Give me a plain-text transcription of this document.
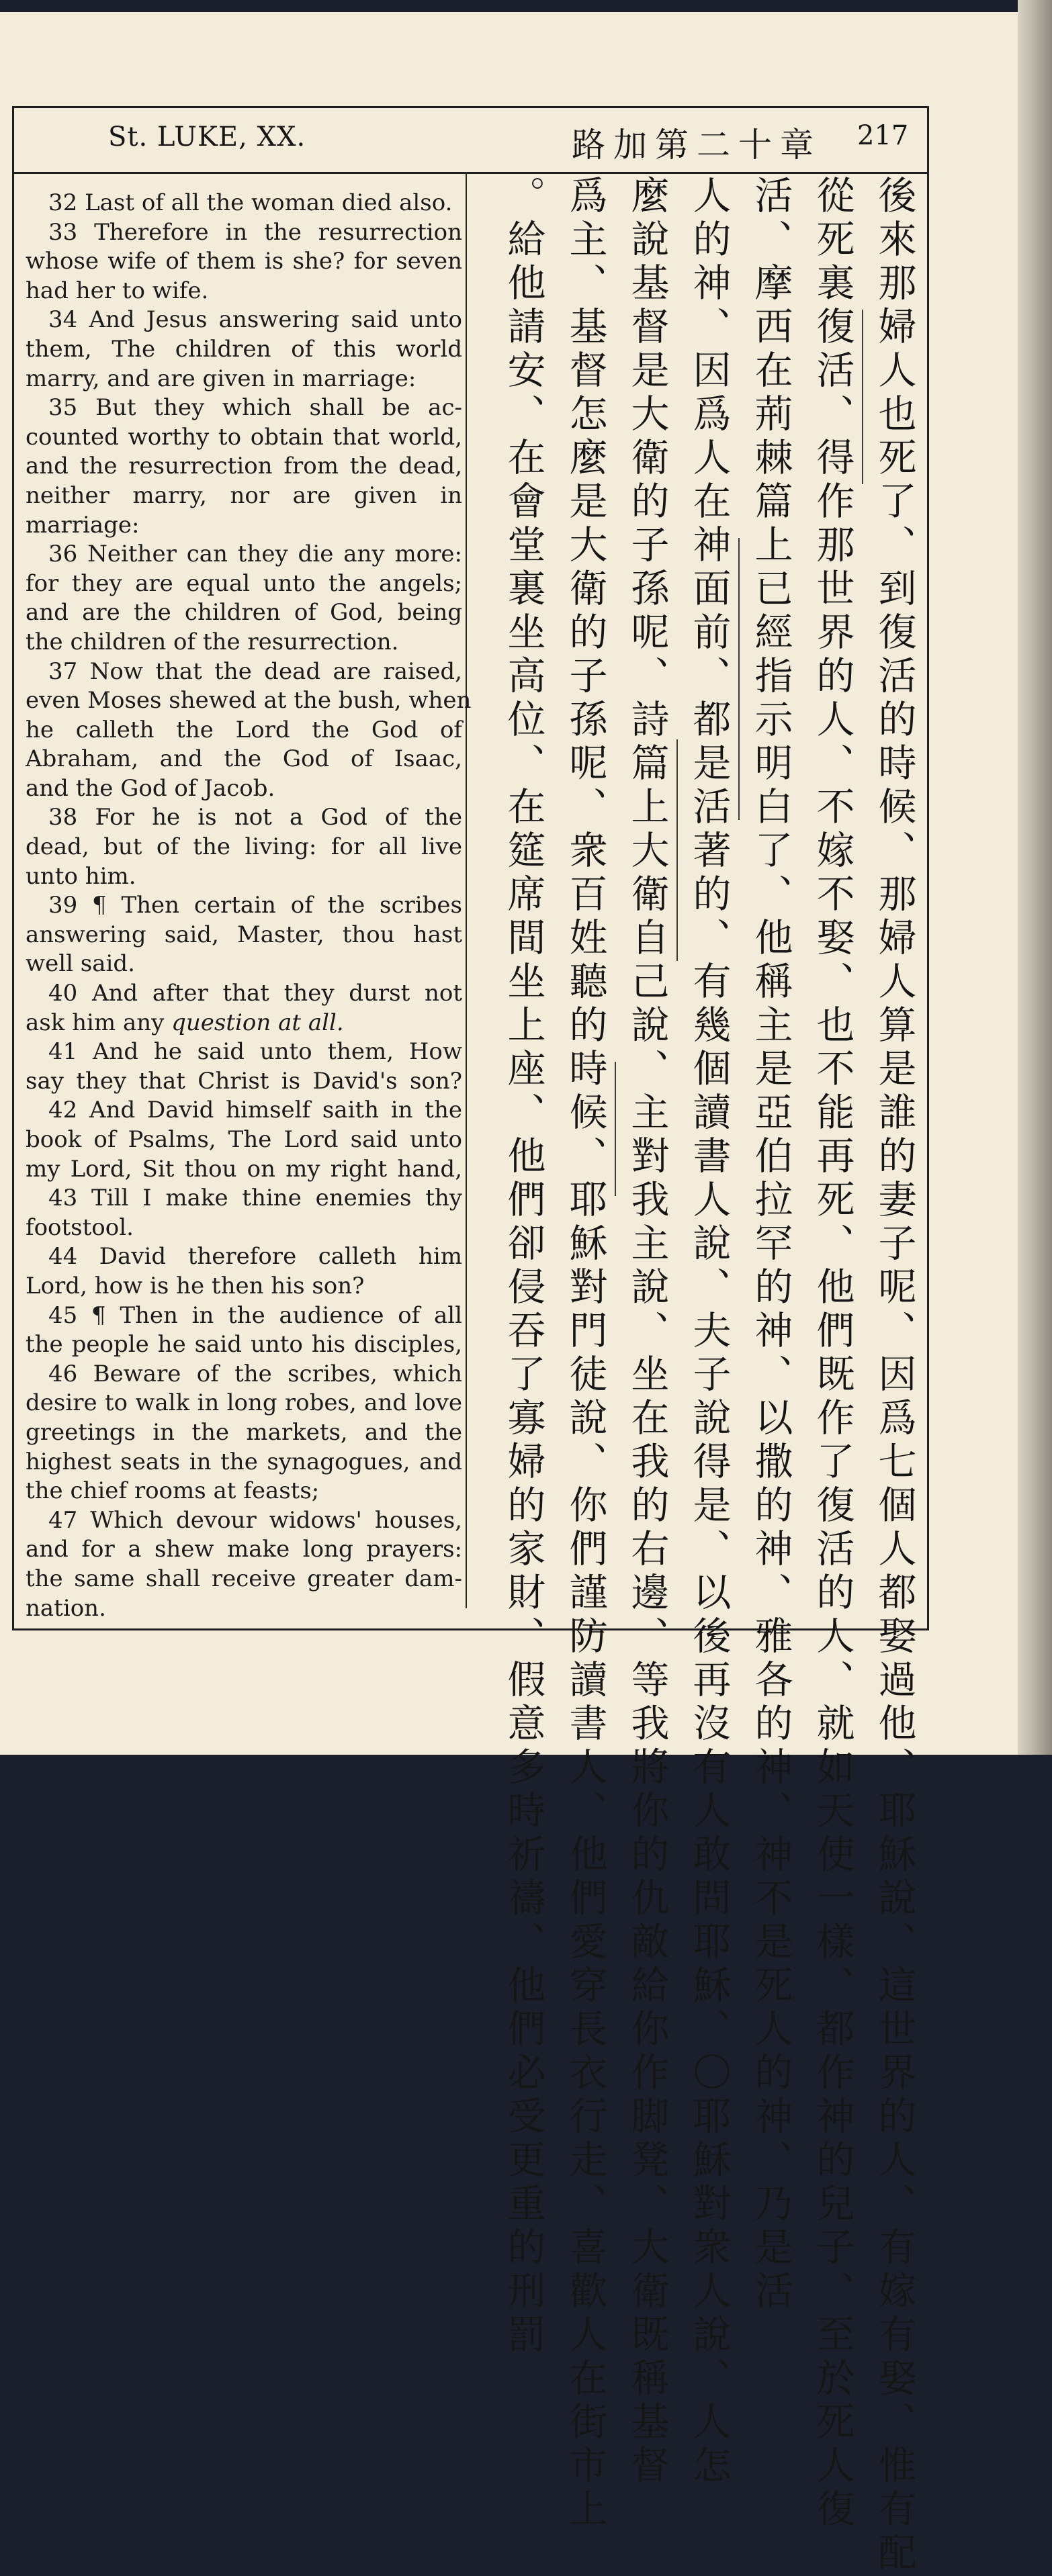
St. LUKE, XX.	路加第二十章 217
32 Last of all the woman died also.
33 Therefore in the resurrection
whose wife of them is she? for seven
had her to wife.
34 And Jesus answering said unto
them, The children of this world
marry, and are given in marriage:
35 But they which shall be ac-
counted worthy to obtain that world,
and the resurrection from the dead,
neither marry, nor are given in
marriage:
36 Neither can they die any more:
for they are equal unto the angels;
and are the children of God, being
the children of the resurrection.
37 Now that the dead are raised,
even Moses shewed at the bush, when
he calleth the Lord the God of
Abraham, and the God of Isaac,
and the God of Jacob.
38 For he is not a God of the
dead, but of the living: for all live
unto him.
39 ¶ Then certain of the scribes
answering said, Master, thou hast
well said.
40 And after that they durst not
ask him any question at all.
41 And he said unto them, How
say they that Christ is David's son?
42 And David himself saith in the
book of Psalms, The Lord said unto
my Lord, Sit thou on my right hand,
43 Till I make thine enemies thy
footstool.
44 David therefore calleth him
Lord, how is he then his son?
45 ¶ Then in the audience of all
the people he said unto his disciples,
46 Beware of the scribes, which
desire to walk in long robes, and love
greetings in the markets, and the
highest seats in the synagogues, and
the chief rooms at feasts;
47 Which devour widows' houses,
and for a shew make long prayers:
the same shall receive greater dam-
nation.	後來那婦人也死了、到復活的時候、那婦人算是誰的妻子呢、因爲七個人都娶過他、耶穌說、這世界的人、有嫁有娶、惟有配
從死裏復活、得作那世界的人、不嫁不娶、也不能再死、他們既作了復活的人、就如天使一樣、都作神的兒子、至於死人復
活、摩西在荊棘篇上已經指示明白了、他稱主是亞伯拉罕的神、以撒的神、雅各的神、神不是死人的神、乃是活
人的神、因爲人在神面前、都是活著的、有幾個讀書人說、夫子說得是、以後再沒有人敢問耶穌、〇耶穌對衆人說、人怎
麼說基督是大衛的子孫呢、詩篇上大衛自己說、主對我主說、坐在我的右邊、等我將你的仇敵給你作脚凳、大衛既稱基督
爲主、基督怎麼是大衛的子孫呢、衆百姓聽的時候、耶穌對門徒說、你們謹防讀書人、他們愛穿長衣行走、喜歡人在街市上
給他請安、在會堂裏坐高位、在筵席間坐上座、他們卻侵吞了寡婦的家財、假意多時祈禱、他們必受更重的刑罰。
